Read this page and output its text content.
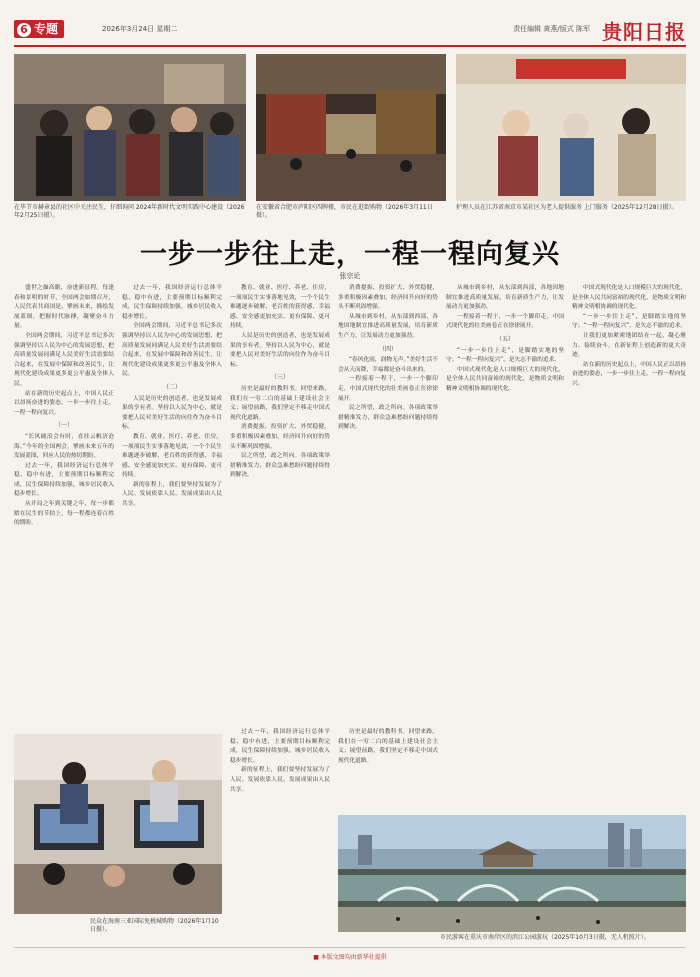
6 专题	2026年3月24日 星期二	责任编辑 黄燕/版式 陈军 贵阳日报
在毕节市赫章县的社区中关注民生，仔细询问 2024年新时代文明实践中心建设（2026年2月25日摄）。
在安徽省合肥市庐阳区四牌楼，市民在逛街购物（2026年3月11日摄）。
护理人员在江苏省南京市某社区为老人提供服务 上门服务（2025年12月28日摄）。
一步一步往上走，一程一程向复兴
张宗论

盛世之巅高瞻，奋进新征程。每逢春和景明的时节，全国两会如期召开，人民代表共商国是、擘画未来，描绘发展蓝图，把握时代脉搏，凝聚奋斗力量。

全国两会期间，习近平总书记多次强调坚持以人民为中心的发展思想，把高质量发展同满足人民美好生活需要结合起来，在发展中保障和改善民生，让现代化建设成果更多更公平惠及全体人民。

站在新的历史起点上，中国人民正以昂扬奋进的姿态，一步一步往上走，一程一程向复兴。

（一）

“长风破浪会有时，直挂云帆济沧海。”今年的全国两会，擘画未来五年的发展蓝图，回应人民的热切期盼。

过去一年，我国经济运行总体平稳、稳中有进，主要预期目标顺利完成，民生保障持续加强，城乡居民收入稳步增长。

从开局之年到关键之年，每一步都踏在民生的节拍上，每一程都连着百姓的期盼。

过去一年，我国经济运行总体平稳、稳中有进，主要预期目标顺利完成，民生保障持续加强，城乡居民收入稳步增长。

全国两会期间，习近平总书记多次强调坚持以人民为中心的发展思想，把高质量发展同满足人民美好生活需要结合起来，在发展中保障和改善民生，让现代化建设成果更多更公平惠及全体人民。

（二）

人民是历史的创造者，也是发展成果的享有者。坚持以人民为中心，就是要把人民对美好生活的向往作为奋斗目标。

教育、就业、医疗、养老、住房，一项项民生实事落地见效，一个个民生难题逐步破解，老百姓的获得感、幸福感、安全感更加充实、更有保障、更可持续。

新的征程上，我们要坚持发展为了人民、发展依靠人民、发展成果由人民共享。

教育、就业、医疗、养老、住房，一项项民生实事落地见效，一个个民生难题逐步破解，老百姓的获得感、幸福感、安全感更加充实、更有保障、更可持续。

人民是历史的创造者，也是发展成果的享有者。坚持以人民为中心，就是要把人民对美好生活的向往作为奋斗目标。

（三）

历史是最好的教科书。回望来路，我们在一穷二白的基础上建设社会主义；展望前路，我们坚定不移走中国式现代化道路。

消费提振、投资扩大、外贸稳健，多重积极因素叠加，经济回升向好的势头不断巩固增强。

民之所望，政之所向。各项政策举措精准发力，群众急难愁盼问题持续得到解决。

消费提振、投资扩大、外贸稳健，多重积极因素叠加，经济回升向好的势头不断巩固增强。

从城市到乡村，从东部到西部，各地因地制宜推进高质量发展，培育新质生产力，让发展动力更加强劲。

（四）

“春风化雨，润物无声。”美好生活不会从天而降，幸福都是奋斗出来的。

一程接着一程干，一步一个脚印走，中国式现代化的壮美画卷正在徐徐展开。

民之所望，政之所向。各项政策举措精准发力，群众急难愁盼问题持续得到解决。

从城市到乡村，从东部到西部，各地因地制宜推进高质量发展，培育新质生产力，让发展动力更加强劲。

一程接着一程干，一步一个脚印走，中国式现代化的壮美画卷正在徐徐展开。

（五）

“一步一步往上走”，是脚踏实地的坚守；“一程一程向复兴”，是矢志不渝的追求。

中国式现代化是人口规模巨大的现代化，是全体人民共同富裕的现代化，是物质文明和精神文明相协调的现代化。

中国式现代化是人口规模巨大的现代化，是全体人民共同富裕的现代化，是物质文明和精神文明相协调的现代化。

“一步一步往上走”，是脚踏实地的坚守；“一程一程向复兴”，是矢志不渝的追求。

让我们更加紧密地团结在一起，凝心聚力、接续奋斗，在新征程上创造新的更大奇迹。

站在新的历史起点上，中国人民正以昂扬奋进的姿态，一步一步往上走，一程一程向复兴。

过去一年，我国经济运行总体平稳、稳中有进，主要预期目标顺利完成，民生保障持续加强，城乡居民收入稳步增长。

新的征程上，我们要坚持发展为了人民、发展依靠人民、发展成果由人民共享。

历史是最好的教科书。回望来路，我们在一穷二白的基础上建设社会主义；展望前路，我们坚定不移走中国式现代化道路。

民众在海南三亚国际免税城购物（2026年1月10日摄）。
市民游客在重庆市南岸区的滨江公园游玩（2025年10月3日摄，无人机照片）。
■ 本版文图均由新华社提供
